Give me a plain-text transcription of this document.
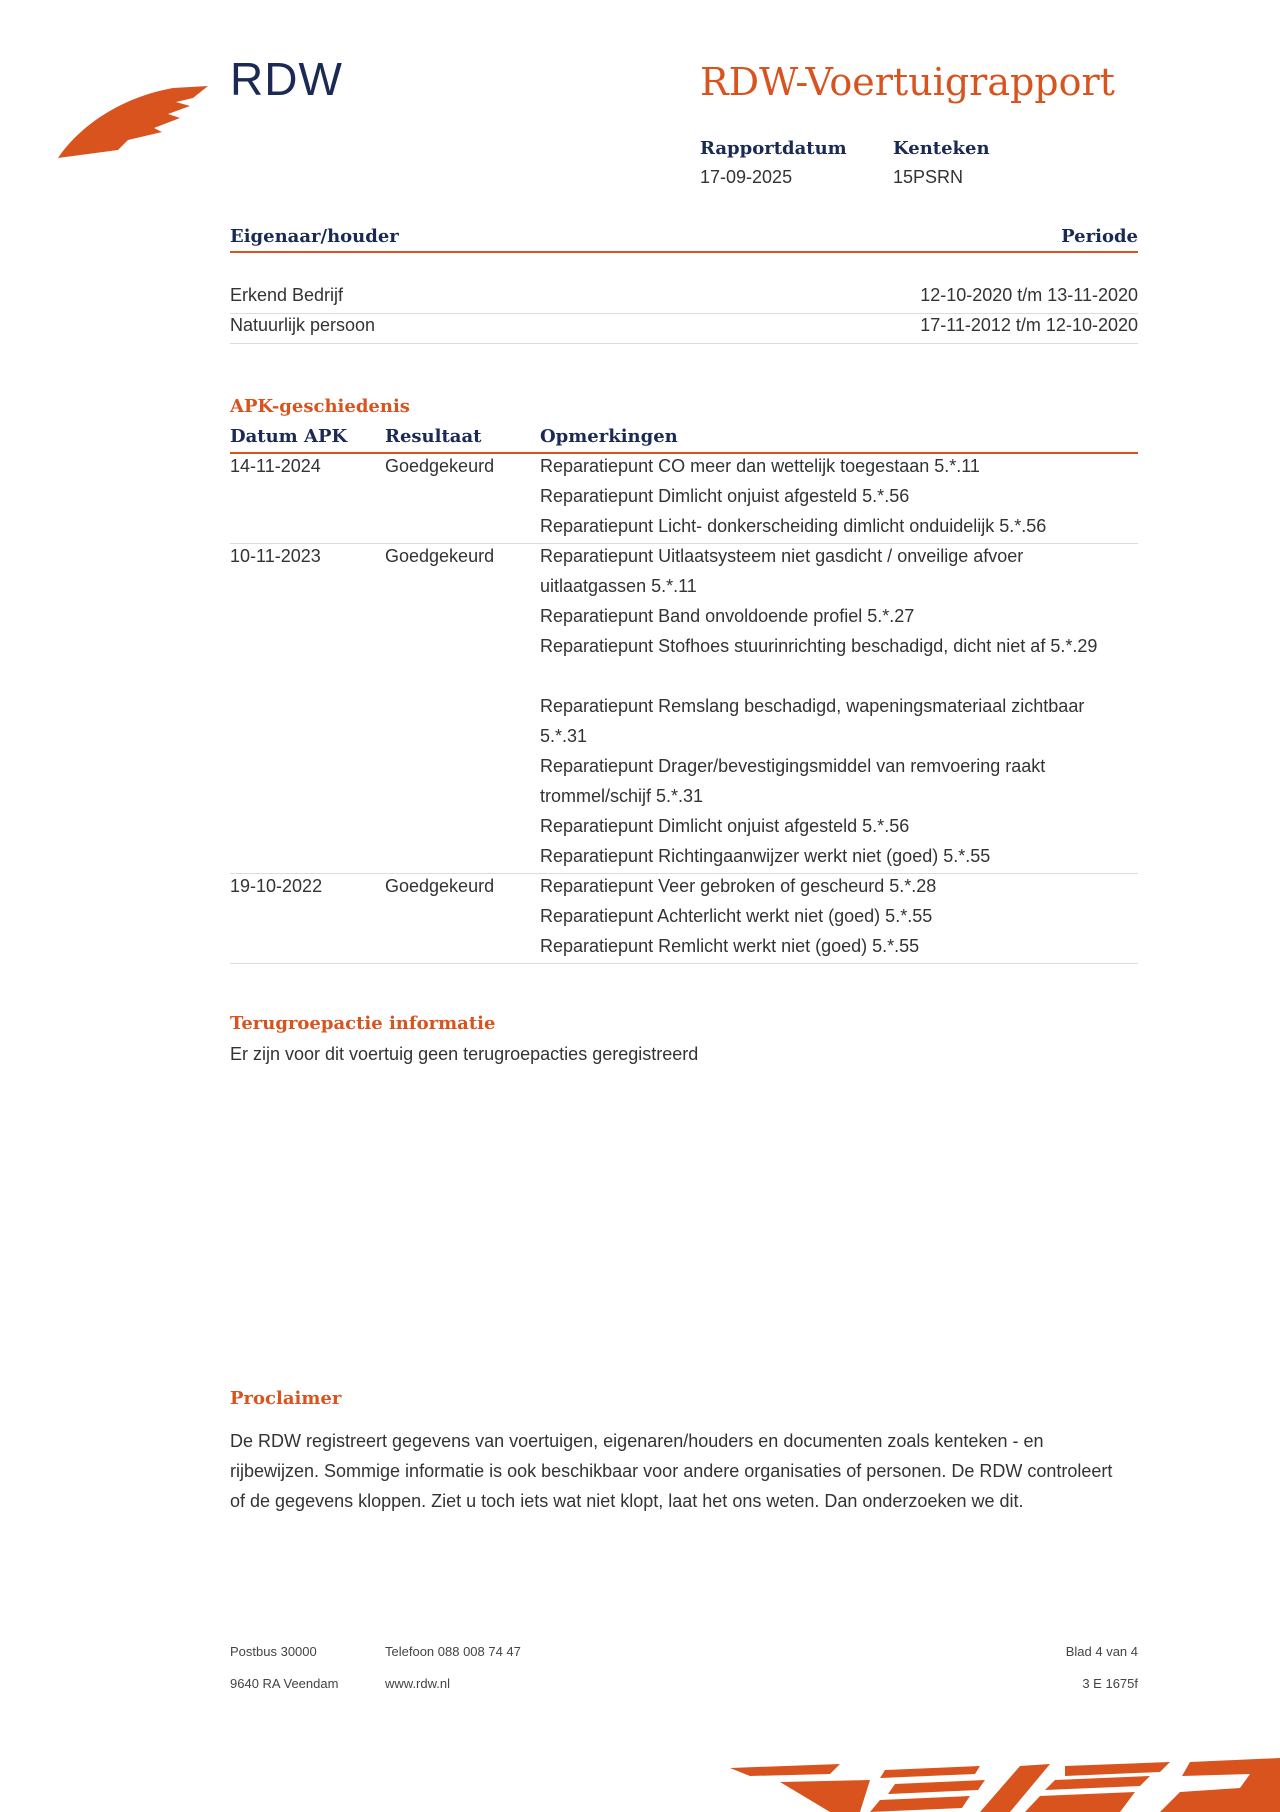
RDW	RDW-Voertuigrapport
Rapportdatum
17-09-2025
Kenteken
15PSRN
Eigenaar/houder	Periode
Erkend Bedrijf	12-10-2020 t/m 13-11-2020
Natuurlijk persoon	17-11-2012 t/m 12-10-2020
APK-geschiedenis
Datum APK Resultaat	Opmerkingen
14-11-2024	Goedgekeurd	Reparatiepunt CO meer dan wettelijk toegestaan 5.*.11
Reparatiepunt Dimlicht onjuist afgesteld 5.*.56
Reparatiepunt Licht- donkerscheiding dimlicht onduidelijk 5.*.56
10-11-2023	Goedgekeurd	Reparatiepunt Uitlaatsysteem niet gasdicht / onveilige afvoer uitlaatgassen 5.*.11
Reparatiepunt Band onvoldoende profiel 5.*.27
Reparatiepunt Stofhoes stuurinrichting beschadigd, dicht niet af 5.*.29
Reparatiepunt Remslang beschadigd, wapeningsmateriaal zichtbaar 5.*.31
Reparatiepunt Drager/bevestigingsmiddel van remvoering raakt trommel/schijf 5.*.31
Reparatiepunt Dimlicht onjuist afgesteld 5.*.56
Reparatiepunt Richtingaanwijzer werkt niet (goed) 5.*.55
19-10-2022	Goedgekeurd	Reparatiepunt Veer gebroken of gescheurd 5.*.28
Reparatiepunt Achterlicht werkt niet (goed) 5.*.55
Reparatiepunt Remlicht werkt niet (goed) 5.*.55
Terugroepactie informatie
Er zijn voor dit voertuig geen terugroepacties geregistreerd
Proclaimer
De RDW registreert gegevens van voertuigen, eigenaren/houders en documenten zoals kenteken - en rijbewijzen. Sommige informatie is ook beschikbaar voor andere organisaties of personen. De RDW controleert of de gegevens kloppen. Ziet u toch iets wat niet klopt, laat het ons weten. Dan onderzoeken we dit.
Postbus 30000
9640 RA Veendam
Telefoon 088 008 74 47
www.rdw.nl
Blad 4 van 4
3 E 1675f
